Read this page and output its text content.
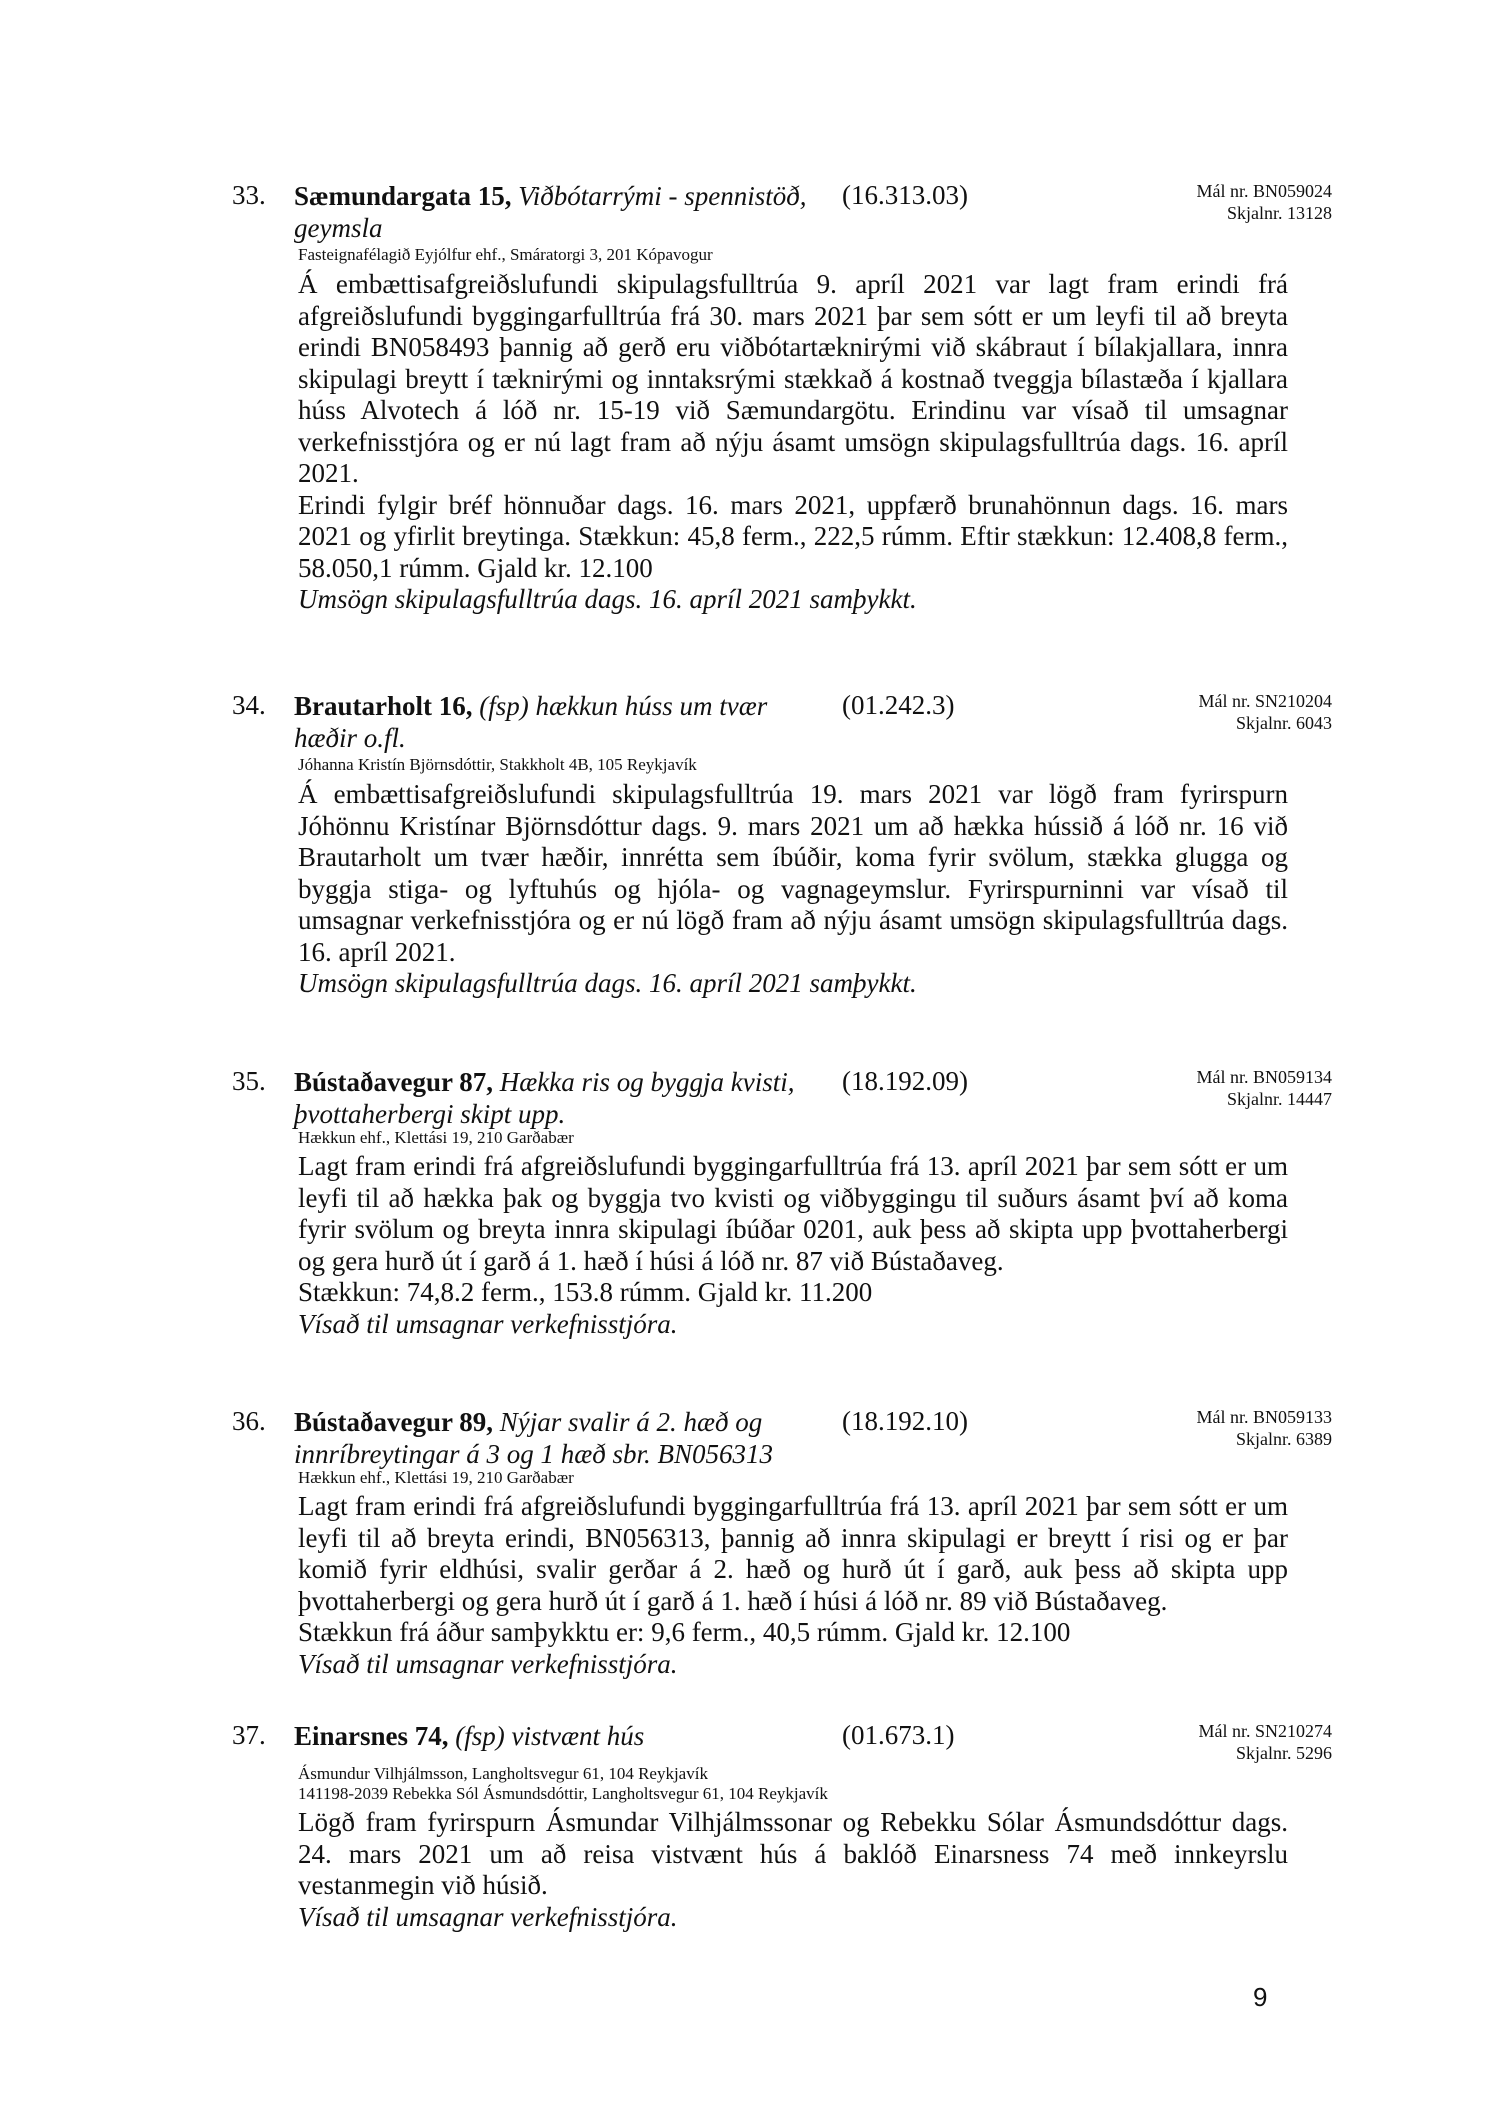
33. Sæmundargata 15, Viðbótarrými - spennistöð, geymsla
(16.313.03)	Mál nr. BN059024
Skjalnr. 13128
Fasteignafélagið Eyjólfur ehf., Smáratorgi 3, 201 Kópavogur

Á embættisafgreiðslufundi skipulagsfulltrúa 9. apríl 2021 var lagt fram erindi frá afgreiðslufundi byggingarfulltrúa frá 30. mars 2021 þar sem sótt er um leyfi til að breyta erindi BN058493 þannig að gerð eru viðbótartæknirými við skábraut í bílakjallara, innra skipulagi breytt í tæknirými og inntaksrými stækkað á kostnað tveggja bílastæða í kjallara húss Alvotech á lóð nr. 15-19 við Sæmundargötu. Erindinu var vísað til umsagnar verkefnisstjóra og er nú lagt fram að nýju ásamt umsögn skipulagsfulltrúa dags. 16. apríl 2021.

Erindi fylgir bréf hönnuðar dags. 16. mars 2021, uppfærð brunahönnun dags. 16. mars 2021 og yfirlit breytinga. Stækkun: 45,8 ferm., 222,5 rúmm. Eftir stækkun: 12.408,8 ferm., 58.050,1 rúmm. Gjald kr. 12.100

Umsögn skipulagsfulltrúa dags. 16. apríl 2021 samþykkt.

34. Brautarholt 16, (fsp) hækkun húss um tvær hæðir o.fl.
(01.242.3)	Mál nr. SN210204
Skjalnr. 6043
Jóhanna Kristín Björnsdóttir, Stakkholt 4B, 105 Reykjavík

Á embættisafgreiðslufundi skipulagsfulltrúa 19. mars 2021 var lögð fram fyrirspurn Jóhönnu Kristínar Björnsdóttur dags. 9. mars 2021 um að hækka hússið á lóð nr. 16 við Brautarholt um tvær hæðir, innrétta sem íbúðir, koma fyrir svölum, stækka glugga og byggja stiga- og lyftuhús og hjóla- og vagnageymslur. Fyrirspurninni var vísað til umsagnar verkefnisstjóra og er nú lögð fram að nýju ásamt umsögn skipulagsfulltrúa dags. 16. apríl 2021.

Umsögn skipulagsfulltrúa dags. 16. apríl 2021 samþykkt.

35. Bústaðavegur 87, Hækka ris og byggja kvisti, þvottaherbergi skipt upp.
(18.192.09)	Mál nr. BN059134
Skjalnr. 14447
Hækkun ehf., Klettási 19, 210 Garðabær

Lagt fram erindi frá afgreiðslufundi byggingarfulltrúa frá 13. apríl 2021 þar sem sótt er um leyfi til að hækka þak og byggja tvo kvisti og viðbyggingu til suðurs ásamt því að koma fyrir svölum og breyta innra skipulagi íbúðar 0201, auk þess að skipta upp þvottaherbergi og gera hurð út í garð á 1. hæð í húsi á lóð nr. 87 við Bústaðaveg.

Stækkun: 74,8.2 ferm., 153.8 rúmm. Gjald kr. 11.200

Vísað til umsagnar verkefnisstjóra.

36. Bústaðavegur 89, Nýjar svalir á 2. hæð og innríbreytingar á 3 og 1 hæð sbr. BN056313
(18.192.10)	Mál nr. BN059133
Skjalnr. 6389
Hækkun ehf., Klettási 19, 210 Garðabær

Lagt fram erindi frá afgreiðslufundi byggingarfulltrúa frá 13. apríl 2021 þar sem sótt er um leyfi til að breyta erindi, BN056313, þannig að innra skipulagi er breytt í risi og er þar komið fyrir eldhúsi, svalir gerðar á 2. hæð og hurð út í garð, auk þess að skipta upp þvottaherbergi og gera hurð út í garð á 1. hæð í húsi á lóð nr. 89 við Bústaðaveg.

Stækkun frá áður samþykktu er: 9,6 ferm., 40,5 rúmm. Gjald kr. 12.100

Vísað til umsagnar verkefnisstjóra.

37. Einarsnes 74, (fsp) vistvænt hús	(01.673.1)	Mál nr. SN210274
Skjalnr. 5296
Ásmundur Vilhjálmsson, Langholtsvegur 61, 104 Reykjavík
141198-2039 Rebekka Sól Ásmundsdóttir, Langholtsvegur 61, 104 Reykjavík

Lögð fram fyrirspurn Ásmundar Vilhjálmssonar og Rebekku Sólar Ásmundsdóttur dags. 24. mars 2021 um að reisa vistvænt hús á baklóð Einarsness 74 með innkeyrslu vestanmegin við húsið.

Vísað til umsagnar verkefnisstjóra.

9
